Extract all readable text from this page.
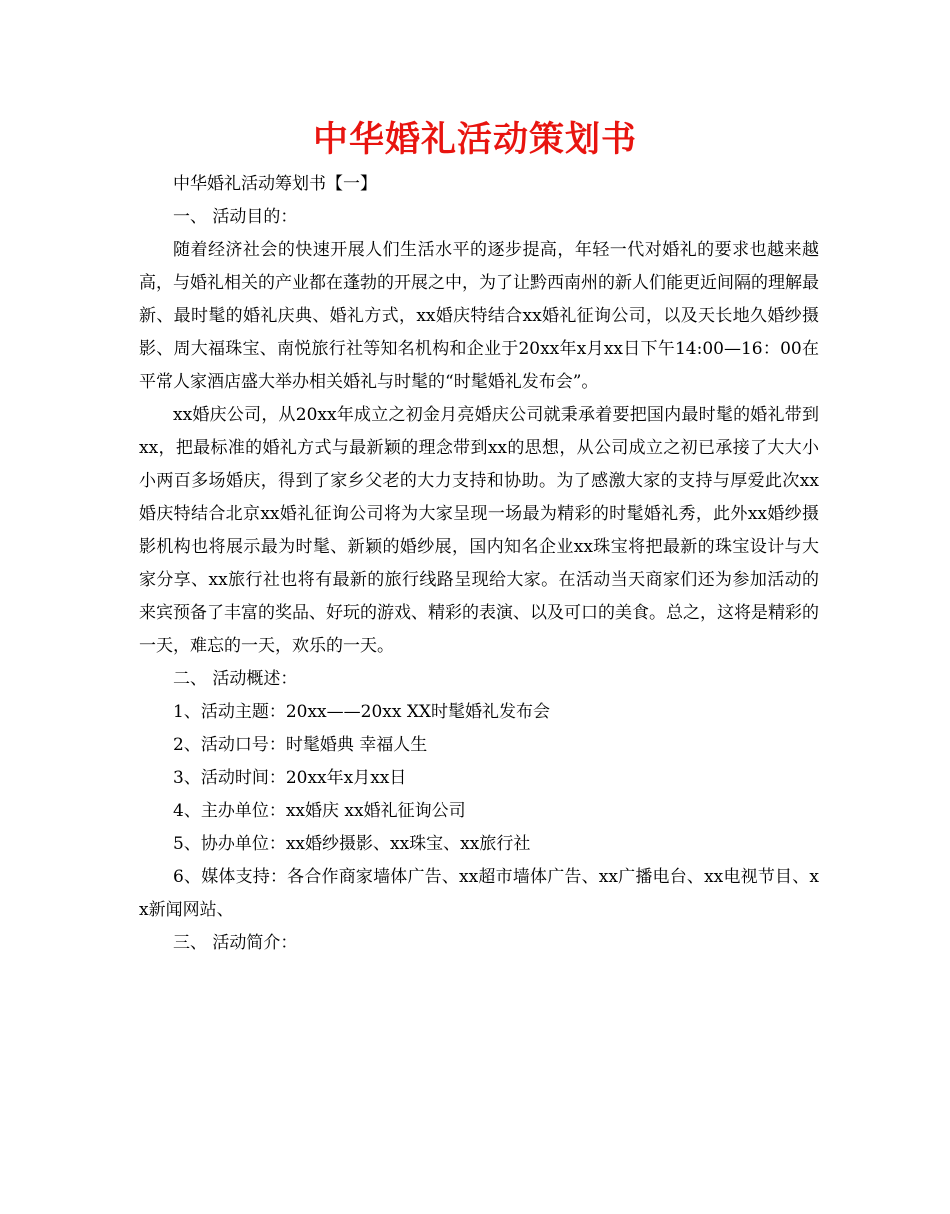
中华婚礼活动策划书

中华婚礼活动筹划书【一】

一、 活动目的：

随着经济社会的快速开展人们生活水平的逐步提高，年轻一代对婚礼的要求也越来越高，与婚礼相关的产业都在蓬勃的开展之中，为了让黔西南州的新人们能更近间隔的理解最新、最时髦的婚礼庆典、婚礼方式，xx婚庆特结合xx婚礼征询公司，以及天长地久婚纱摄影、周大福珠宝、南悦旅行社等知名机构和企业于20xx年x月xx日下午14:00—16：00在平常人家酒店盛大举办相关婚礼与时髦的“时髦婚礼发布会”。

xx婚庆公司，从20xx年成立之初金月亮婚庆公司就秉承着要把国内最时髦的婚礼带到xx，把最标准的婚礼方式与最新颖的理念带到xx的思想，从公司成立之初已承接了大大小小两百多场婚庆，得到了家乡父老的大力支持和协助。为了感激大家的支持与厚爱此次xx婚庆特结合北京xx婚礼征询公司将为大家呈现一场最为精彩的时髦婚礼秀，此外xx婚纱摄影机构也将展示最为时髦、新颖的婚纱展，国内知名企业xx珠宝将把最新的珠宝设计与大家分享、xx旅行社也将有最新的旅行线路呈现给大家。在活动当天商家们还为参加活动的来宾预备了丰富的奖品、好玩的游戏、精彩的表演、以及可口的美食。总之，这将是精彩的一天，难忘的一天，欢乐的一天。

二、 活动概述：

1、活动主题：20xx——20xx XX时髦婚礼发布会

2、活动口号：时髦婚典 幸福人生

3、活动时间：20xx年x月xx日

4、主办单位：xx婚庆 xx婚礼征询公司

5、协办单位：xx婚纱摄影、xx珠宝、xx旅行社

6、媒体支持：各合作商家墙体广告、xx超市墙体广告、xx广播电台、xx电视节目、xx新闻网站、

三、 活动简介：
